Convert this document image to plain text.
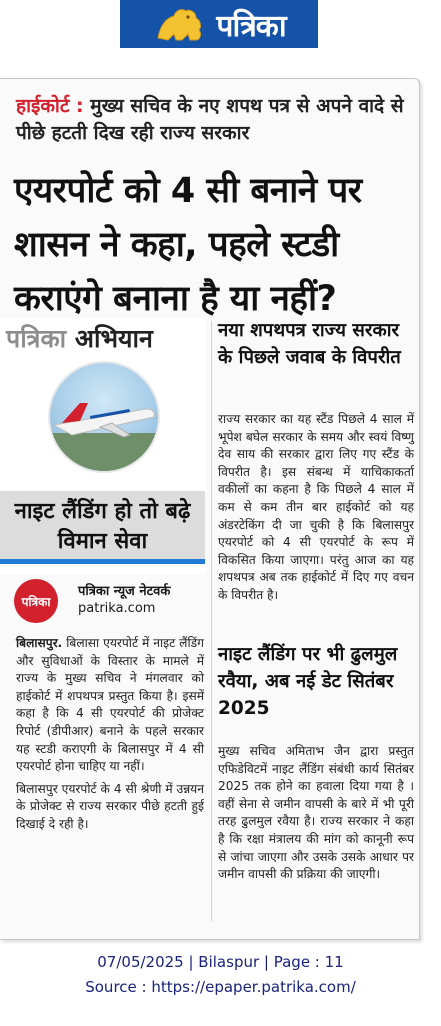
पत्रिका
हाईकोर्ट : मुख्य सचिव के नए शपथ पत्र से अपने वादे से पीछे हटती दिख रही राज्य सरकार
एयरपोर्ट को 4 सी बनाने पर शासन ने कहा, पहले स्टडी कराएंगे बनाना है या नहीं?
पत्रिका अभियान
नाइट लैंडिंग हो तो बढ़े विमान सेवा
पत्रिका
पत्रिका न्यूज नेटवर्क
patrika.com

बिलासपुर. बिलासा एयरपोर्ट में नाइट लैंडिंग और सुविधाओं के विस्तार के मामले में राज्य के मुख्य सचिव ने मंगलवार को हाईकोर्ट में शपथपत्र प्रस्तुत किया है। इसमें कहा है कि 4 सी एयरपोर्ट की प्रोजेक्ट रिपोर्ट (डीपीआर) बनाने के पहले सरकार यह स्टडी कराएगी के बिलासपुर में 4 सी एयरपोर्ट होना चाहिए या नहीं।

बिलासपुर एयरपोर्ट के 4 सी श्रेणी में उन्नयन के प्रोजेक्ट से राज्य सरकार पीछे हटती हुई दिखाई दे रही है।

नया शपथपत्र राज्य सरकार के पिछले जवाब के विपरीत
राज्य सरकार का यह स्टैंड पिछले 4 साल में भूपेश बघेल सरकार के समय और स्वयं विष्णु देव साय की सरकार द्वारा लिए गए स्टैंड के विपरीत है। इस संबन्ध में याचिकाकर्ता वकीलों का कहना है कि पिछले 4 साल में कम से कम तीन बार हाईकोर्ट को यह अंडरटेकिंग दी जा चुकी है कि बिलासपुर एयरपोर्ट को 4 सी एयरपोर्ट के रूप में विकसित किया जाएगा। परंतु आज का यह शपथपत्र अब तक हाईकोर्ट में दिए गए वचन के विपरीत है।
नाइट लैंडिंग पर भी ढुलमुल रवैया, अब नई डेट सितंबर 2025
मुख्य सचिव अमिताभ जैन द्वारा प्रस्तुत एफिडेविटमें नाइट लैंडिंग संबंधी कार्य सितंबर 2025 तक होने का हवाला दिया गया है । वहीं सेना से जमीन वापसी के बारे में भी पूरी तरह ढुलमुल रवैया है। राज्य सरकार ने कहा है कि रक्षा मंत्रालय की मांग को कानूनी रूप से जांचा जाएगा और उसके उसके आधार पर जमीन वापसी की प्रक्रिया की जाएगी।
07/05/2025 | Bilaspur | Page : 11
Source : https://epaper.patrika.com/
